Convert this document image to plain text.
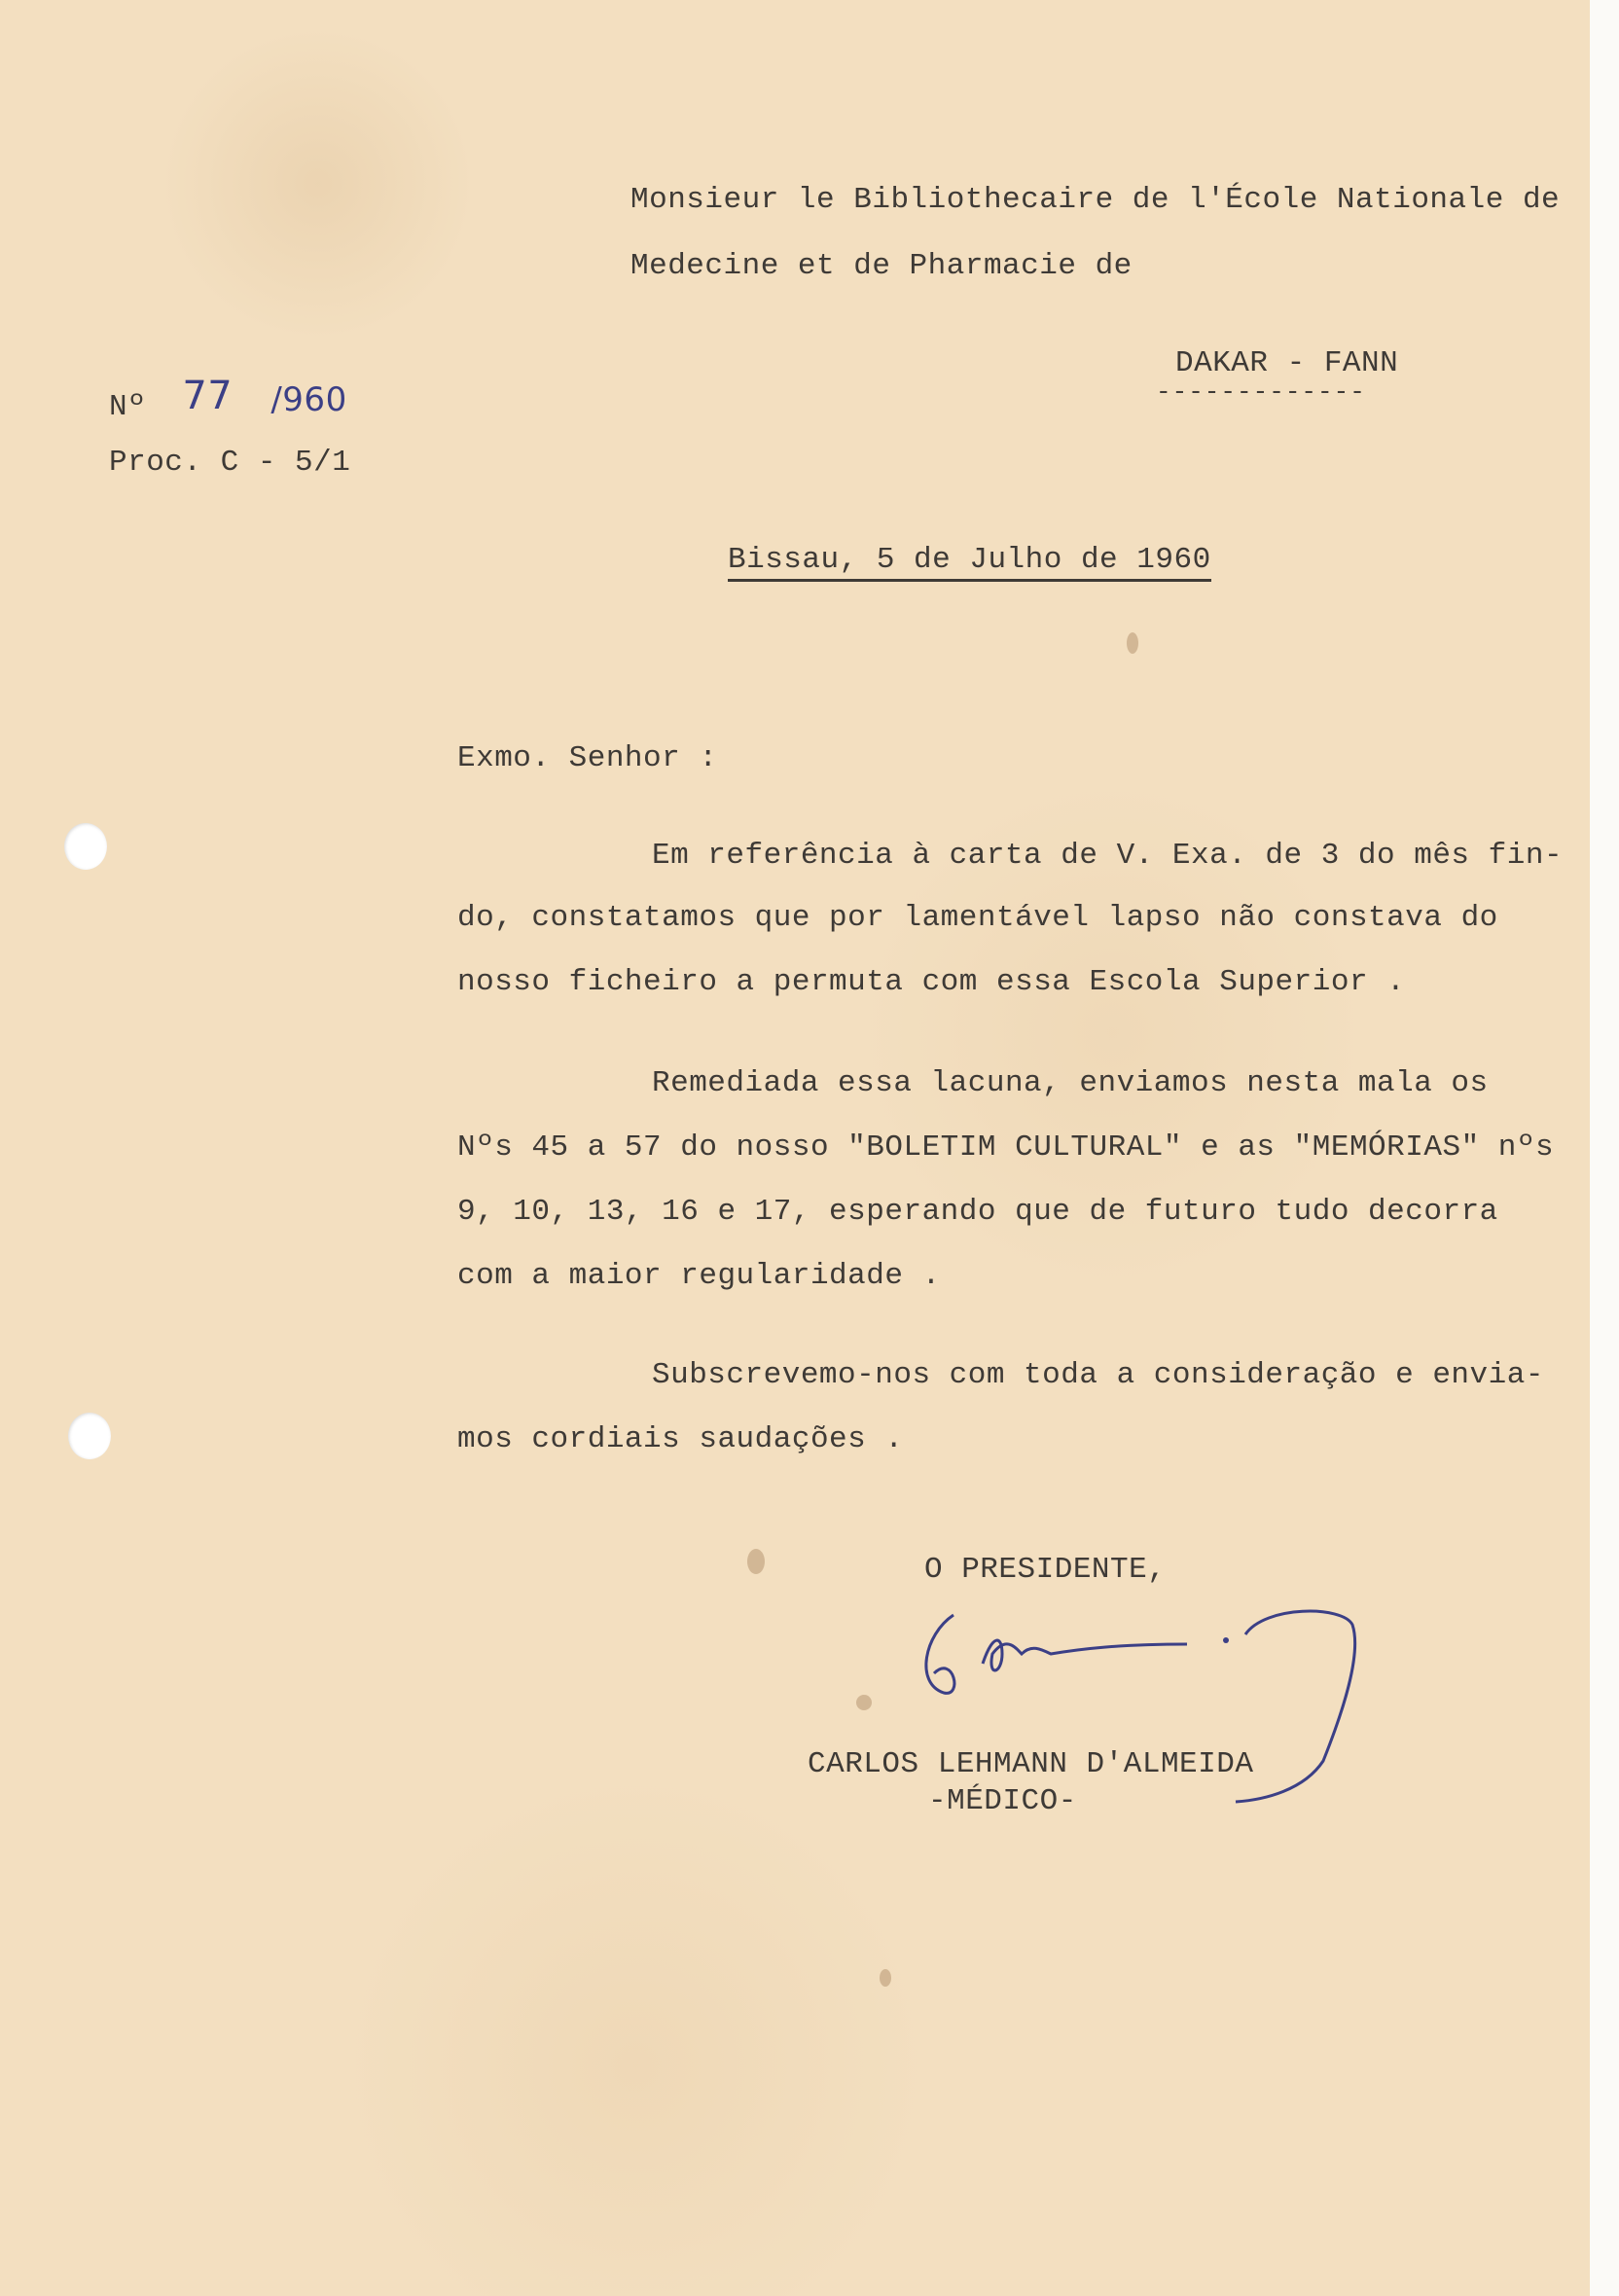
Monsieur le Bibliothecaire de l'École Nationale de
Medecine et de Pharmacie de
DAKAR - FANN
-------------
Nº 77 /960
Proc. C - 5/1
Bissau, 5 de Julho de 1960
Exmo. Senhor :
Em referência à carta de V. Exa. de 3 do mês fin-
do, constatamos que por lamentável lapso não constava do
nosso ficheiro a permuta com essa Escola Superior .
Remediada essa lacuna, enviamos nesta mala os
Nºs 45 a 57 do nosso "BOLETIM CULTURAL" e as "MEMÓRIAS" nºs
9, 10, 13, 16 e 17, esperando que de futuro tudo decorra
com a maior regularidade .
Subscrevemo-nos com toda a consideração e envia-
mos cordiais saudações .
O PRESIDENTE,
CARLOS LEHMANN D'ALMEIDA
-MÉDICO-
